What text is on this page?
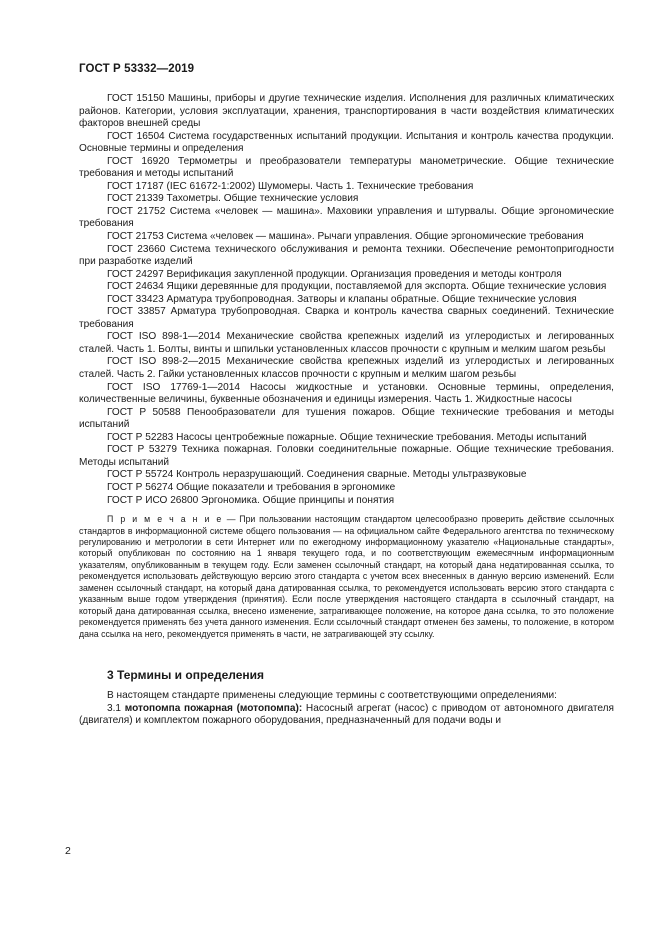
ГОСТ Р 53332—2019

ГОСТ 15150 Машины, приборы и другие технические изделия. Исполнения для различных климатических районов. Категории, условия эксплуатации, хранения, транспортирования в части воздействия климатических факторов внешней среды

ГОСТ 16504 Система государственных испытаний продукции. Испытания и контроль качества продукции. Основные термины и определения

ГОСТ 16920 Термометры и преобразователи температуры манометрические. Общие технические требования и методы испытаний

ГОСТ 17187 (IEC 61672-1:2002) Шумомеры. Часть 1. Технические требования

ГОСТ 21339 Тахометры. Общие технические условия

ГОСТ 21752 Система «человек — машина». Маховики управления и штурвалы. Общие эргономические требования

ГОСТ 21753 Система «человек — машина». Рычаги управления. Общие эргономические требования

ГОСТ 23660 Система технического обслуживания и ремонта техники. Обеспечение ремонтопригодности при разработке изделий

ГОСТ 24297 Верификация закупленной продукции. Организация проведения и методы контроля

ГОСТ 24634 Ящики деревянные для продукции, поставляемой для экспорта. Общие технические условия

ГОСТ 33423 Арматура трубопроводная. Затворы и клапаны обратные. Общие технические условия

ГОСТ 33857 Арматура трубопроводная. Сварка и контроль качества сварных соединений. Технические требования

ГОСТ ISO 898-1—2014 Механические свойства крепежных изделий из углеродистых и легированных сталей. Часть 1. Болты, винты и шпильки установленных классов прочности с крупным и мелким шагом резьбы

ГОСТ ISO 898-2—2015 Механические свойства крепежных изделий из углеродистых и легированных сталей. Часть 2. Гайки установленных классов прочности с крупным и мелким шагом резьбы

ГОСТ ISO 17769-1—2014 Насосы жидкостные и установки. Основные термины, определения, количественные величины, буквенные обозначения и единицы измерения. Часть 1. Жидкостные насосы

ГОСТ Р 50588 Пенообразователи для тушения пожаров. Общие технические требования и методы испытаний

ГОСТ Р 52283 Насосы центробежные пожарные. Общие технические требования. Методы испытаний

ГОСТ Р 53279 Техника пожарная. Головки соединительные пожарные. Общие технические требования. Методы испытаний

ГОСТ Р 55724 Контроль неразрушающий. Соединения сварные. Методы ультразвуковые

ГОСТ Р 56274 Общие показатели и требования в эргономике

ГОСТ Р ИСО 26800 Эргономика. Общие принципы и понятия

П р и м е ч а н и е — При пользовании настоящим стандартом целесообразно проверить действие ссылочных стандартов в информационной системе общего пользования — на официальном сайте Федерального агентства по техническому регулированию и метрологии в сети Интернет или по ежегодному информационному указателю «Национальные стандарты», который опубликован по состоянию на 1 января текущего года, и по соответствующим ежемесячным информационным указателям, опубликованным в текущем году. Если заменен ссылочный стандарт, на который дана недатированная ссылка, то рекомендуется использовать действующую версию этого стандарта с учетом всех внесенных в данную версию изменений. Если заменен ссылочный стандарт, на который дана датированная ссылка, то рекомендуется использовать версию этого стандарта с указанным выше годом утверждения (принятия). Если после утверждения настоящего стандарта в ссылочный стандарт, на который дана датированная ссылка, внесено изменение, затрагивающее положение, на которое дана ссылка, то это положение рекомендуется применять без учета данного изменения. Если ссылочный стандарт отменен без замены, то положение, в котором дана ссылка на него, рекомендуется применять в части, не затрагивающей эту ссылку.

3 Термины и определения

В настоящем стандарте применены следующие термины с соответствующими определениями:

3.1 мотопомпа пожарная (мотопомпа): Насосный агрегат (насос) с приводом от автономного двигателя (двигателя) и комплектом пожарного оборудования, предназначенный для подачи воды и

2
